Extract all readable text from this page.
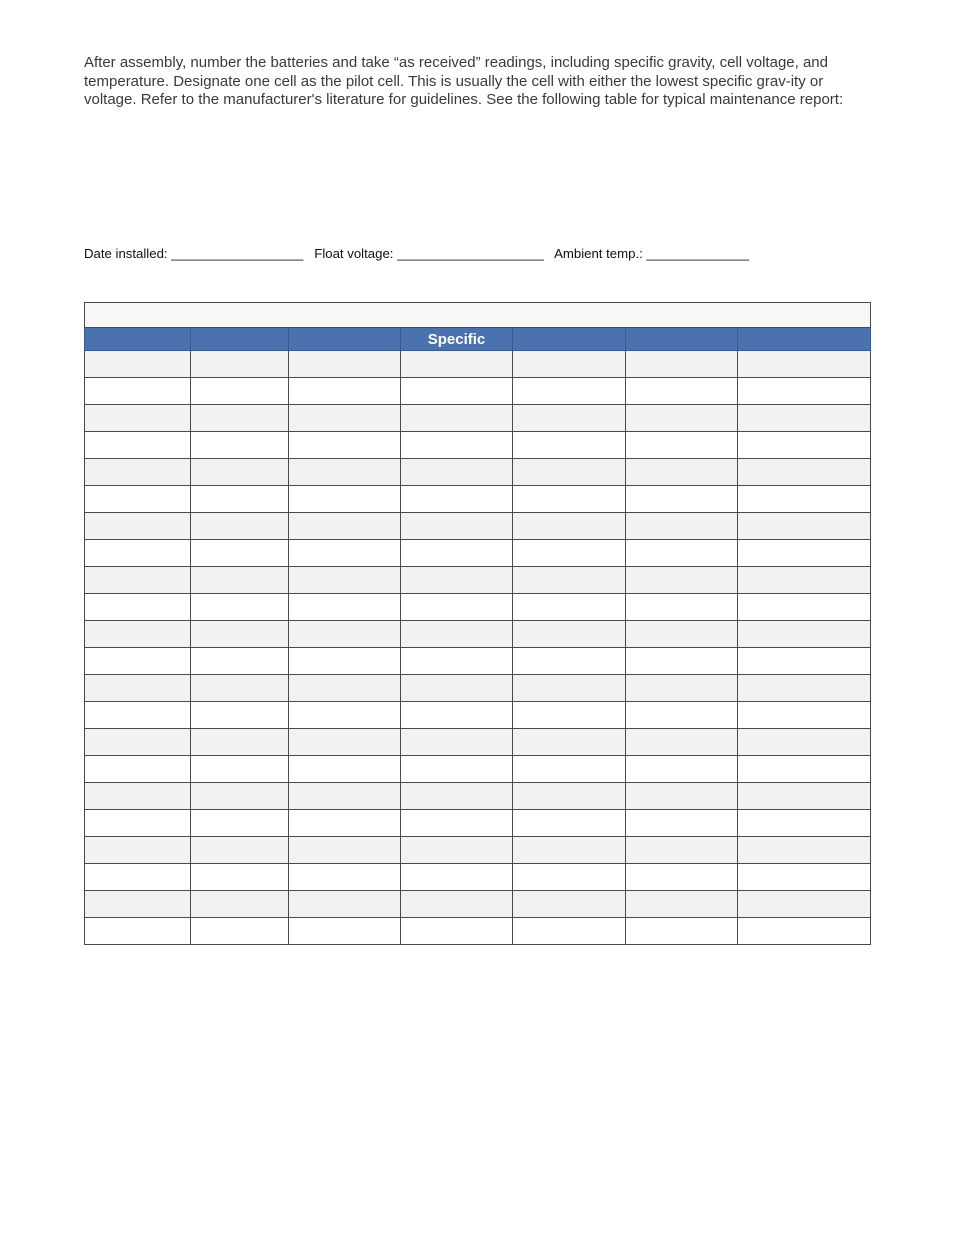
After assembly, number the batteries and take “as received” readings, including specific gravity, cell voltage, and temperature. Designate one cell as the pilot cell. This is usually the cell with either the lowest specific grav-ity or voltage. Refer to the manufacturer's literature for guidelines. See the following table for typical maintenance report:

Date installed: __________________ Float voltage: ____________________ Ambient temp.: ______________

			Specific			
